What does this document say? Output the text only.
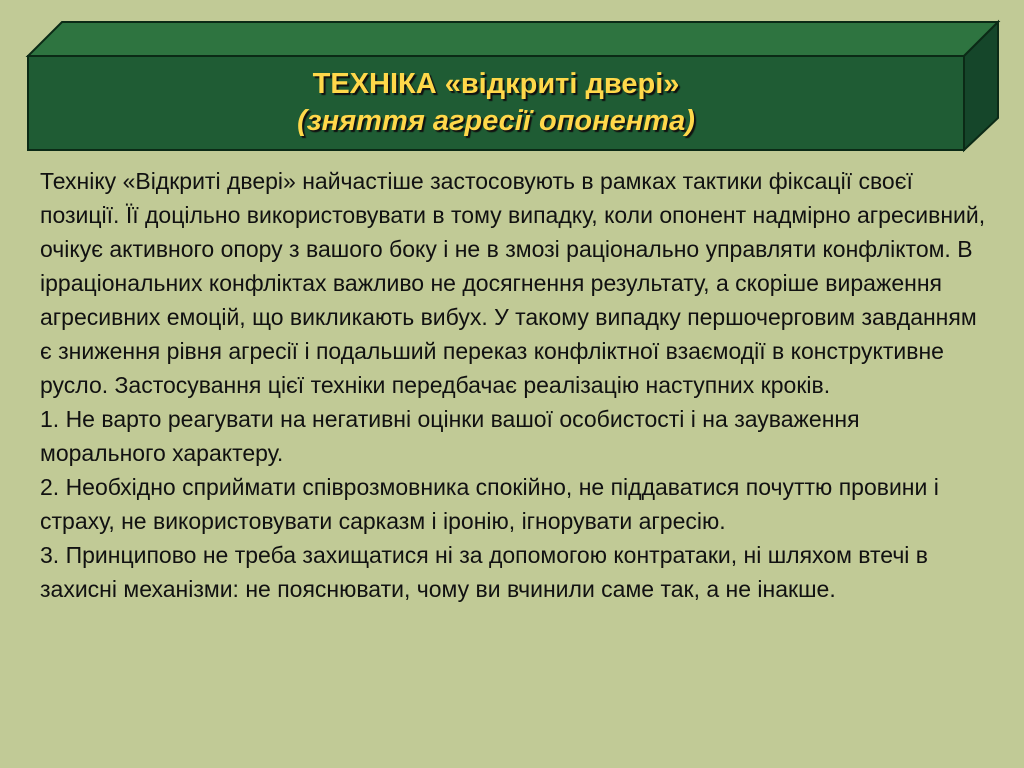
ТЕХНІКА «відкриті двері»
(зняття агресії опонента)

Техніку «Відкриті двері» найчастіше застосовують в рамках тактики фіксації своєї позиції. Її доцільно використовувати в тому випадку, коли опонент надмірно агресивний, очікує активного опору з вашого боку і не в змозі раціонально управляти конфліктом. В ірраціональних конфліктах важливо не досягнення результату, а скоріше вираження агресивних емоцій, що викликають вибух. У такому випадку першочерговим завданням є зниження рівня агресії і подальший переказ конфліктної взаємодії в конструктивне русло. Застосування цієї техніки передбачає реалізацію наступних кроків.

1. Не варто реагувати на негативні оцінки вашої особистості і на зауваження морального характеру.

2. Необхідно сприймати співрозмовника спокійно, не піддаватися почуттю провини і страху, не використовувати сарказм і іронію, ігнорувати агресію.

3. Принципово не треба захищатися ні за допомогою контратаки, ні шляхом втечі в захисні механізми: не пояснювати, чому ви вчинили саме так, а не інакше.
